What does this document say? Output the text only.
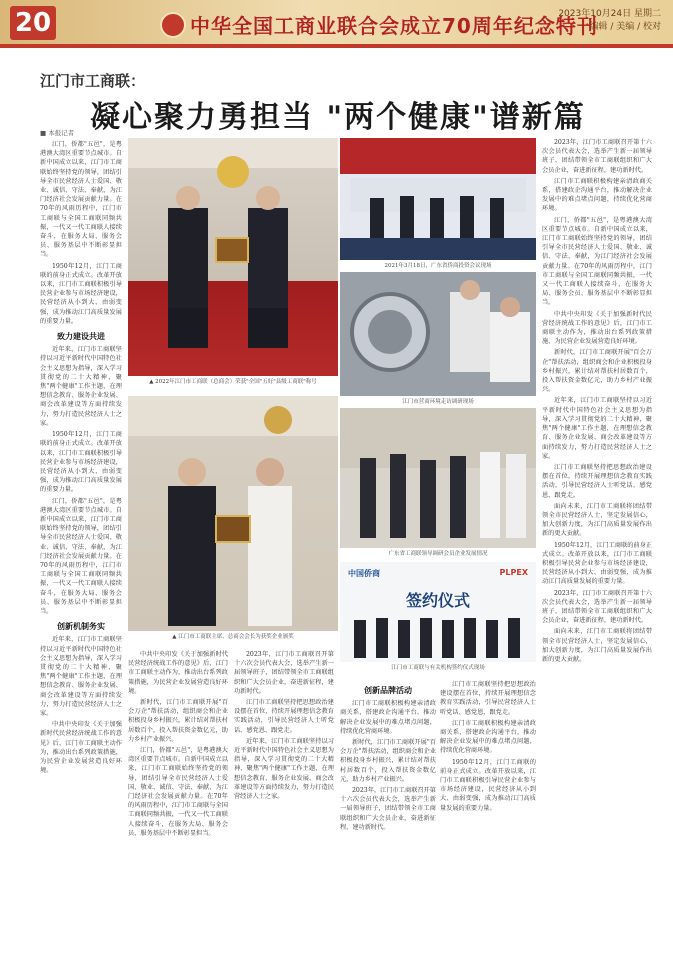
20	中华全国工商业联合会成立70周年纪念特刊
2023年10月24日 星期二
编辑 / 美编 / 校对
江门市工商联：
凝心聚力勇担当 "两个健康"谱新篇
■ 本报记者

江门，侨都"五邑"，是粤港澳大湾区重要节点城市。自新中国成立以来，江门市工商联始终坚持党的领导，团结引导全市民营经济人士爱国、敬业、诚信、守法、奉献，为江门经济社会发展贡献力量。在70年的风雨历程中，江门市工商联与全国工商联同频共振，一代又一代工商联人接续奋斗，在服务大局、服务会员、服务基层中不断彰显担当。

1950年12月，江门工商联的前身正式成立。改革开放以来，江门市工商联积极引导民营企业参与市场经济建设，民营经济从小到大、由弱变强，成为推动江门高质量发展的重要力量。

致力建设共进

近年来，江门市工商联坚持以习近平新时代中国特色社会主义思想为指导，深入学习贯彻党的二十大精神，聚焦"两个健康"工作主题，在理想信念教育、服务企业发展、商会改革建设等方面持续发力，努力打造民营经济人士之家。

1950年12月，江门工商联的前身正式成立。改革开放以来，江门市工商联积极引导民营企业参与市场经济建设，民营经济从小到大、由弱变强，成为推动江门高质量发展的重要力量。

江门，侨都"五邑"，是粤港澳大湾区重要节点城市。自新中国成立以来，江门市工商联始终坚持党的领导，团结引导全市民营经济人士爱国、敬业、诚信、守法、奉献，为江门经济社会发展贡献力量。在70年的风雨历程中，江门市工商联与全国工商联同频共振，一代又一代工商联人接续奋斗，在服务大局、服务会员、服务基层中不断彰显担当。

创新机制务实

近年来，江门市工商联坚持以习近平新时代中国特色社会主义思想为指导，深入学习贯彻党的二十大精神，聚焦"两个健康"工作主题，在理想信念教育、服务企业发展、商会改革建设等方面持续发力，努力打造民营经济人士之家。

中共中央印发《关于加强新时代民营经济统战工作的意见》后，江门市工商联主动作为，推动出台系列政策措施，为民营企业发展营造良好环境。

▲ 2022年江门市工商联（总商会）荣获"全国"五好"县级工商联"称号
2021年3月18日，广东省侨商投资会议现场
江门市营商环境走访调研现场
▲ 江门市工商联主席、总商会会长为获奖企业颁奖
广东省工商联领导调研会员企业发展情况
中国侨商	PLPEX
签约仪式
江门市工商联与有关机构签约仪式现场

中共中央印发《关于加强新时代民营经济统战工作的意见》后，江门市工商联主动作为，推动出台系列政策措施，为民营企业发展营造良好环境。

新时代，江门市工商联开展"百会万企"帮扶活动，组织商会和企业积极投身乡村振兴，累计结对帮扶村居数百个，投入帮扶资金数亿元，助力乡村产业振兴。

江门，侨都"五邑"，是粤港澳大湾区重要节点城市。自新中国成立以来，江门市工商联始终坚持党的领导，团结引导全市民营经济人士爱国、敬业、诚信、守法、奉献，为江门经济社会发展贡献力量。在70年的风雨历程中，江门市工商联与全国工商联同频共振，一代又一代工商联人接续奋斗，在服务大局、服务会员、服务基层中不断彰显担当。

2023年，江门市工商联召开第十六次会员代表大会，选举产生新一届领导班子，团结带领全市工商联组织和广大会员企业，奋进新征程，建功新时代。

江门市工商联坚持把思想政治建设摆在首位，持续开展理想信念教育实践活动，引导民营经济人士听党话、感党恩、跟党走。

近年来，江门市工商联坚持以习近平新时代中国特色社会主义思想为指导，深入学习贯彻党的二十大精神，聚焦"两个健康"工作主题，在理想信念教育、服务企业发展、商会改革建设等方面持续发力，努力打造民营经济人士之家。

创新品牌活动

江门市工商联积极构建亲清政商关系，搭建政企沟通平台，推动解决企业发展中的难点堵点问题，持续优化营商环境。

新时代，江门市工商联开展"百会万企"帮扶活动，组织商会和企业积极投身乡村振兴，累计结对帮扶村居数百个，投入帮扶资金数亿元，助力乡村产业振兴。

2023年，江门市工商联召开第十六次会员代表大会，选举产生新一届领导班子，团结带领全市工商联组织和广大会员企业，奋进新征程，建功新时代。

江门市工商联坚持把思想政治建设摆在首位，持续开展理想信念教育实践活动，引导民营经济人士听党话、感党恩、跟党走。

江门市工商联积极构建亲清政商关系，搭建政企沟通平台，推动解决企业发展中的难点堵点问题，持续优化营商环境。

1950年12月，江门工商联的前身正式成立。改革开放以来，江门市工商联积极引导民营企业参与市场经济建设，民营经济从小到大、由弱变强，成为推动江门高质量发展的重要力量。

2023年，江门市工商联召开第十六次会员代表大会，选举产生新一届领导班子，团结带领全市工商联组织和广大会员企业，奋进新征程，建功新时代。

江门市工商联积极构建亲清政商关系，搭建政企沟通平台，推动解决企业发展中的难点堵点问题，持续优化营商环境。

江门，侨都"五邑"，是粤港澳大湾区重要节点城市。自新中国成立以来，江门市工商联始终坚持党的领导，团结引导全市民营经济人士爱国、敬业、诚信、守法、奉献，为江门经济社会发展贡献力量。在70年的风雨历程中，江门市工商联与全国工商联同频共振，一代又一代工商联人接续奋斗，在服务大局、服务会员、服务基层中不断彰显担当。

中共中央印发《关于加强新时代民营经济统战工作的意见》后，江门市工商联主动作为，推动出台系列政策措施，为民营企业发展营造良好环境。

新时代，江门市工商联开展"百会万企"帮扶活动，组织商会和企业积极投身乡村振兴，累计结对帮扶村居数百个，投入帮扶资金数亿元，助力乡村产业振兴。

近年来，江门市工商联坚持以习近平新时代中国特色社会主义思想为指导，深入学习贯彻党的二十大精神，聚焦"两个健康"工作主题，在理想信念教育、服务企业发展、商会改革建设等方面持续发力，努力打造民营经济人士之家。

江门市工商联坚持把思想政治建设摆在首位，持续开展理想信念教育实践活动，引导民营经济人士听党话、感党恩、跟党走。

面向未来，江门市工商联将团结带领全市民营经济人士，坚定发展信心，加大创新力度，为江门高质量发展作出新的更大贡献。

1950年12月，江门工商联的前身正式成立。改革开放以来，江门市工商联积极引导民营企业参与市场经济建设，民营经济从小到大、由弱变强，成为推动江门高质量发展的重要力量。

2023年，江门市工商联召开第十六次会员代表大会，选举产生新一届领导班子，团结带领全市工商联组织和广大会员企业，奋进新征程，建功新时代。

面向未来，江门市工商联将团结带领全市民营经济人士，坚定发展信心，加大创新力度，为江门高质量发展作出新的更大贡献。
